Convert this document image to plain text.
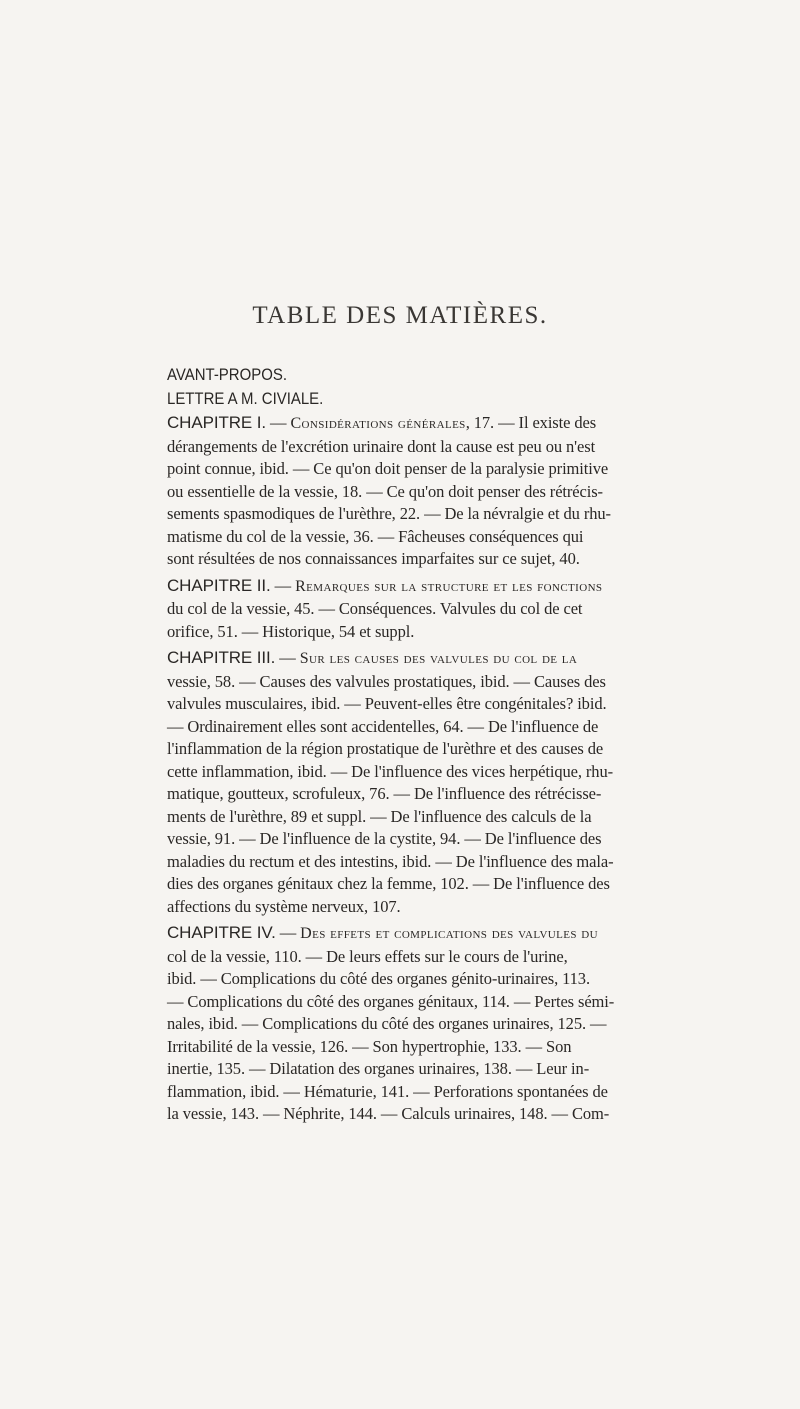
TABLE DES MATIÈRES.
AVANT-PROPOS.
LETTRE A M. CIVIALE.
CHAPITRE I. — Considérations générales, 17. — Il existe des
dérangements de l'excrétion urinaire dont la cause est peu ou n'est
point connue, ibid. — Ce qu'on doit penser de la paralysie primitive
ou essentielle de la vessie, 18. — Ce qu'on doit penser des rétrécis-
sements spasmodiques de l'urèthre, 22. — De la névralgie et du rhu-
matisme du col de la vessie, 36. — Fâcheuses conséquences qui
sont résultées de nos connaissances imparfaites sur ce sujet, 40.
CHAPITRE II. — Remarques sur la structure et les fonctions
du col de la vessie, 45. — Conséquences. Valvules du col de cet
orifice, 51. — Historique, 54 et suppl.
CHAPITRE III. — Sur les causes des valvules du col de la
vessie, 58. — Causes des valvules prostatiques, ibid. — Causes des
valvules musculaires, ibid. — Peuvent-elles être congénitales? ibid.
— Ordinairement elles sont accidentelles, 64. — De l'influence de
l'inflammation de la région prostatique de l'urèthre et des causes de
cette inflammation, ibid. — De l'influence des vices herpétique, rhu-
matique, goutteux, scrofuleux, 76. — De l'influence des rétrécisse-
ments de l'urèthre, 89 et suppl. — De l'influence des calculs de la
vessie, 91. — De l'influence de la cystite, 94. — De l'influence des
maladies du rectum et des intestins, ibid. — De l'influence des mala-
dies des organes génitaux chez la femme, 102. — De l'influence des
affections du système nerveux, 107.
CHAPITRE IV. — Des effets et complications des valvules du
col de la vessie, 110. — De leurs effets sur le cours de l'urine,
ibid. — Complications du côté des organes génito-urinaires, 113.
— Complications du côté des organes génitaux, 114. — Pertes sémi-
nales, ibid. — Complications du côté des organes urinaires, 125. —
Irritabilité de la vessie, 126. — Son hypertrophie, 133. — Son
inertie, 135. — Dilatation des organes urinaires, 138. — Leur in-
flammation, ibid. — Hématurie, 141. — Perforations spontanées de
la vessie, 143. — Néphrite, 144. — Calculs urinaires, 148. — Com-
